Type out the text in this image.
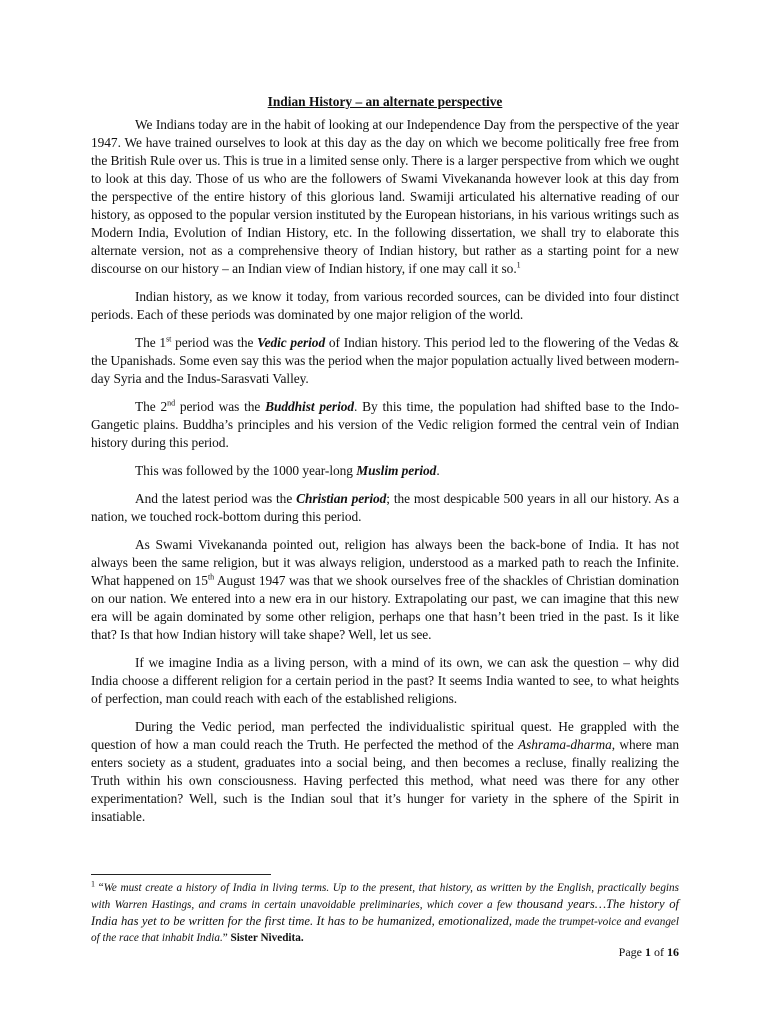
Indian History – an alternate perspective

We Indians today are in the habit of looking at our Independence Day from the perspective of the year 1947. We have trained ourselves to look at this day as the day on which we become politically free free from the British Rule over us. This is true in a limited sense only. There is a larger perspective from which we ought to look at this day. Those of us who are the followers of Swami Vivekananda however look at this day from the perspective of the entire history of this glorious land. Swamiji articulated his alternative reading of our history, as opposed to the popular version instituted by the European historians, in his various writings such as Modern India, Evolution of Indian History, etc. In the following dissertation, we shall try to elaborate this alternate version, not as a comprehensive theory of Indian history, but rather as a starting point for a new discourse on our history – an Indian view of Indian history, if one may call it so.$^1$

Indian history, as we know it today, from various recorded sources, can be divided into four distinct periods. Each of these periods was dominated by one major religion of the world.

The 1st period was the Vedic period of Indian history. This period led to the flowering of the Vedas & the Upanishads. Some even say this was the period when the major population actually lived between modern-day Syria and the Indus-Sarasvati Valley.

The 2nd period was the Buddhist period. By this time, the population had shifted base to the Indo-Gangetic plains. Buddha’s principles and his version of the Vedic religion formed the central vein of Indian history during this period.

This was followed by the 1000 year-long Muslim period.

And the latest period was the Christian period; the most despicable 500 years in all our history. As a nation, we touched rock-bottom during this period.

As Swami Vivekananda pointed out, religion has always been the back-bone of India. It has not always been the same religion, but it was always religion, understood as a marked path to reach the Infinite. What happened on 15th August 1947 was that we shook ourselves free of the shackles of Christian domination on our nation. We entered into a new era in our history. Extrapolating our past, we can imagine that this new era will be again dominated by some other religion, perhaps one that hasn’t been tried in the past. Is it like that? Is that how Indian history will take shape? Well, let us see.

If we imagine India as a living person, with a mind of its own, we can ask the question – why did India choose a different religion for a certain period in the past? It seems India wanted to see, to what heights of perfection, man could reach with each of the established religions.

During the Vedic period, man perfected the individualistic spiritual quest. He grappled with the question of how a man could reach the Truth. He perfected the method of the Ashrama-dharma, where man enters society as a student, graduates into a social being, and then becomes a recluse, finally realizing the Truth within his own consciousness. Having perfected this method, what need was there for any other experimentation? Well, such is the Indian soul that it’s hunger for variety in the sphere of the Spirit in insatiable.

$^1$ “We must create a history of India in living terms. Up to the present, that history, as written by the English, practically begins with Warren Hastings, and crams in certain unavoidable preliminaries, which cover a few thousand years…The history of India has yet to be written for the first time. It has to be humanized, emotionalized, made the trumpet-voice and evangel of the race that inhabit India.” Sister Nivedita.
Page 1 of 16
